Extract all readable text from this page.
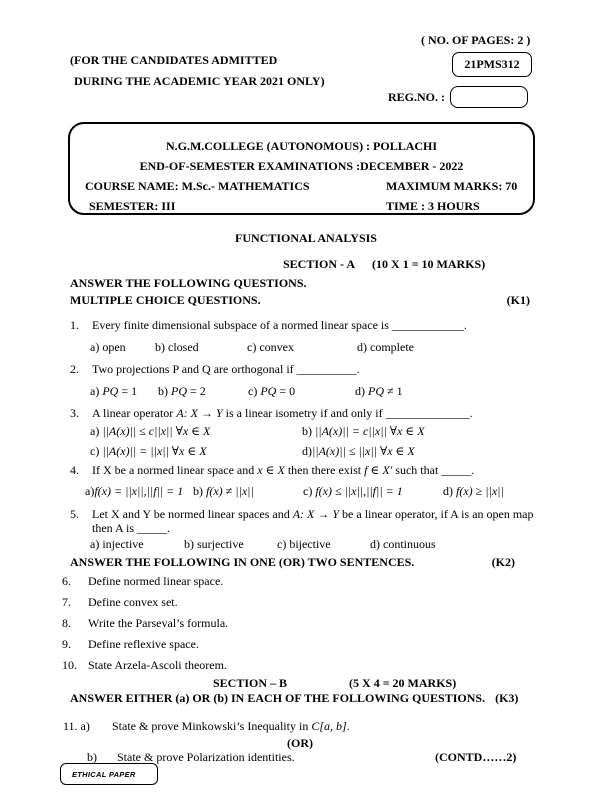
( NO. OF PAGES: 2 )
(FOR THE CANDIDATES ADMITTED
DURING THE ACADEMIC YEAR 2021 ONLY)
21PMS312
REG.NO. :
N.G.M.COLLEGE (AUTONOMOUS) : POLLACHI
END-OF-SEMESTER EXAMINATIONS :DECEMBER - 2022
COURSE NAME: M.Sc.- MATHEMATICS	MAXIMUM MARKS: 70
SEMESTER: III	TIME : 3 HOURS
FUNCTIONAL ANALYSIS
SECTION - A (10 X 1 = 10 MARKS)
ANSWER THE FOLLOWING QUESTIONS.
MULTIPLE CHOICE QUESTIONS.	(K1)
1.	Every finite dimensional subspace of a normed linear space is ____________.
a) open	b) closed	c) convex	d) complete
2.	Two projections P and Q are orthogonal if __________.
a) PQ = 1	b) PQ = 2	c) PQ = 0	d) PQ ≠ 1
3.	A linear operator A: X → Y is a linear isometry if and only if ______________.
a) ||A(x)|| ≤ c||x|| ∀x ∈ X	b) ||A(x)|| = c||x|| ∀x ∈ X
c) ||A(x)|| = ||x|| ∀x ∈ X	d)||A(x)|| ≤ ||x|| ∀x ∈ X
4.	If X be a normed linear space and x ∈ X then there exist f ∈ X′ such that _____.
a)f(x) = ||x||,||f|| = 1 b) f(x) ≠ ||x||	c) f(x) ≤ ||x||,||f|| = 1	d) f(x) ≥ ||x||
5.	Let X and Y be normed linear spaces and A: X → Y be a linear operator, if A is an open map
then A is _____.
a) injective	b) surjective	c) bijective	d) continuous
ANSWER THE FOLLOWING IN ONE (OR) TWO SENTENCES.	(K2)
6.	Define normed linear space.
7.	Define convex set.
8.	Write the Parseval’s formula.
9.	Define reflexive space.
10. State Arzela-Ascoli theorem.
SECTION – B	(5 X 4 = 20 MARKS)
ANSWER EITHER (a) OR (b) IN EACH OF THE FOLLOWING QUESTIONS. (K3)
11. a)	State & prove Minkowski’s Inequality in C[a, b].
(OR)
b)	State & prove Polarization identities.	(CONTD……2)
ETHICAL PAPER
